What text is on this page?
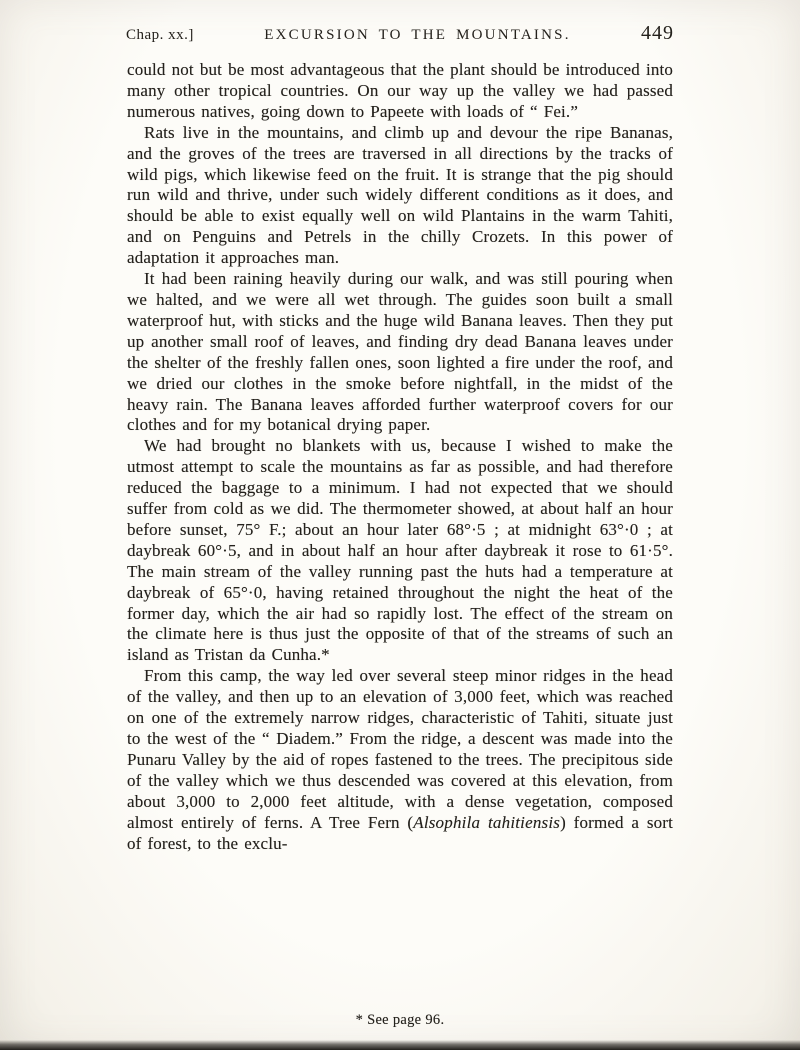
Chap. xx.]	EXCURSION TO THE MOUNTAINS.	449

could not but be most advantageous that the plant should be introduced into many other tropical countries. On our way up the valley we had passed numerous natives, going down to Papeete with loads of “ Fei.”

Rats live in the mountains, and climb up and devour the ripe Bananas, and the groves of the trees are traversed in all directions by the tracks of wild pigs, which likewise feed on the fruit. It is strange that the pig should run wild and thrive, under such widely different conditions as it does, and should be able to exist equally well on wild Plantains in the warm Tahiti, and on Penguins and Petrels in the chilly Crozets. In this power of adaptation it approaches man.

It had been raining heavily during our walk, and was still pouring when we halted, and we were all wet through. The guides soon built a small waterproof hut, with sticks and the huge wild Banana leaves. Then they put up another small roof of leaves, and finding dry dead Banana leaves under the shelter of the freshly fallen ones, soon lighted a fire under the roof, and we dried our clothes in the smoke before nightfall, in the midst of the heavy rain. The Banana leaves afforded further waterproof covers for our clothes and for my botanical drying paper.

We had brought no blankets with us, because I wished to make the utmost attempt to scale the mountains as far as possible, and had therefore reduced the baggage to a minimum. I had not expected that we should suffer from cold as we did. The thermometer showed, at about half an hour before sunset, 75° F.; about an hour later 68°·5 ; at midnight 63°·0 ; at daybreak 60°·5, and in about half an hour after daybreak it rose to 61·5°. The main stream of the valley running past the huts had a temperature at daybreak of 65°·0, having retained throughout the night the heat of the former day, which the air had so rapidly lost. The effect of the stream on the climate here is thus just the opposite of that of the streams of such an island as Tristan da Cunha.*

From this camp, the way led over several steep minor ridges in the head of the valley, and then up to an elevation of 3,000 feet, which was reached on one of the extremely narrow ridges, characteristic of Tahiti, situate just to the west of the “ Diadem.” From the ridge, a descent was made into the Punaru Valley by the aid of ropes fastened to the trees. The precipitous side of the valley which we thus descended was covered at this elevation, from about 3,000 to 2,000 feet altitude, with a dense vegetation, composed almost entirely of ferns. A Tree Fern (Alsophila tahitiensis) formed a sort of forest, to the exclu-

* See page 96.
